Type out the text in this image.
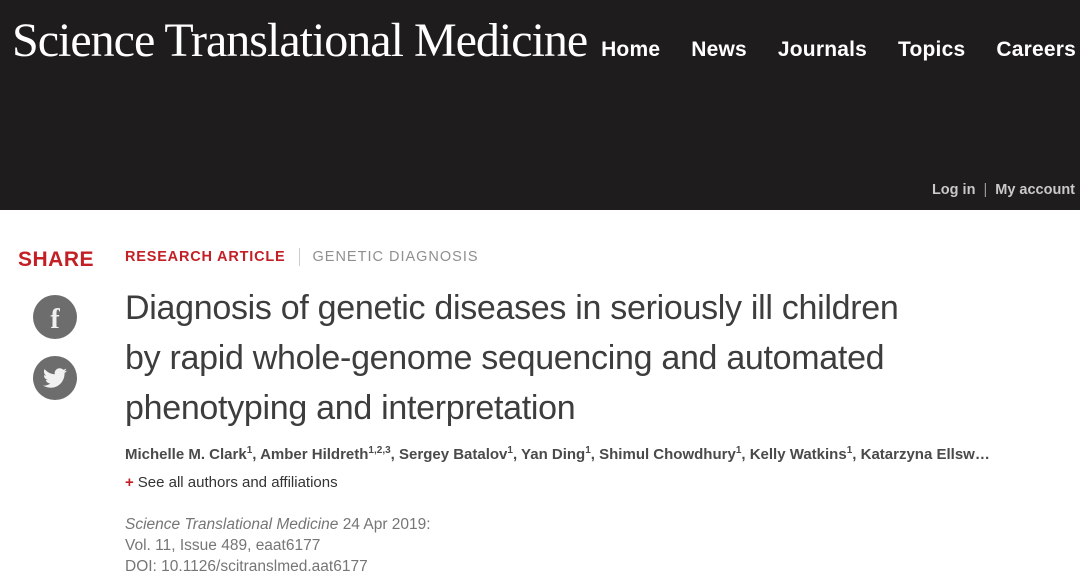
Science Translational Medicine Home News Journals Topics Careers
Log in | My account
SHARE
f
RESEARCH ARTICLE GENETIC DIAGNOSIS
Diagnosis of genetic diseases in seriously ill children
by rapid whole-genome sequencing and automated
phenotyping and interpretation
Michelle M. Clark$^1$, Amber Hildreth$^{1,2,3}$, Sergey Batalov$^1$, Yan Ding$^1$, Shimul Chowdhury$^1$, Kelly Watkins$^1$, Katarzyna Ellsw…
+ See all authors and affiliations
Science Translational Medicine 24 Apr 2019:
Vol. 11, Issue 489, eaat6177
DOI: 10.1126/scitranslmed.aat6177
